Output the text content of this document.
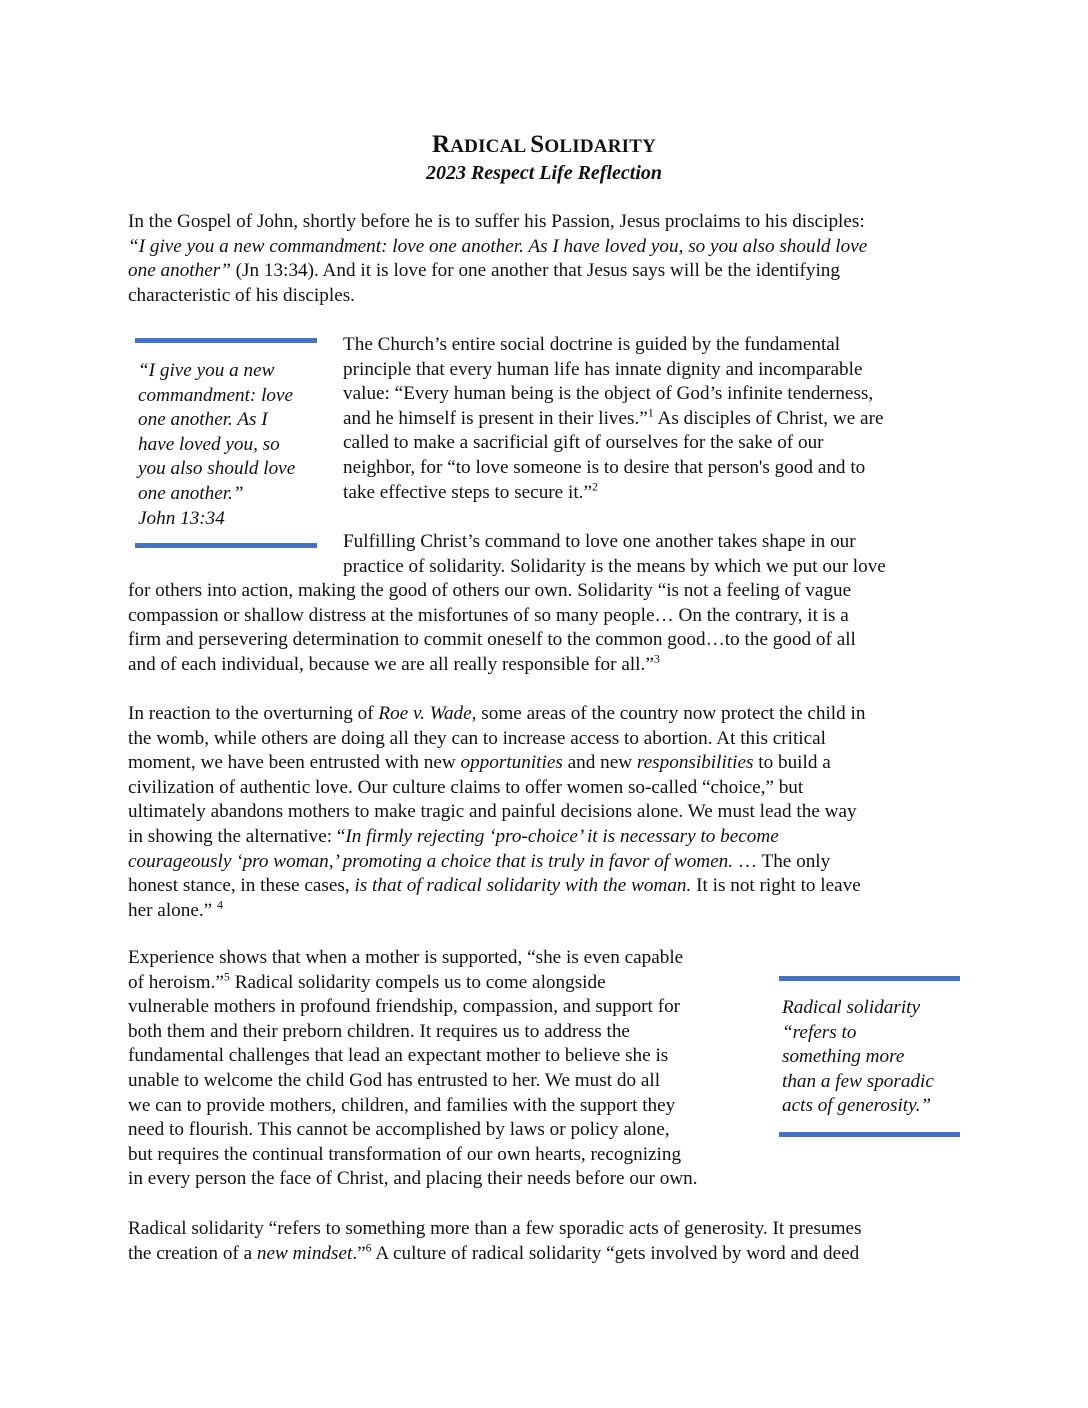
RADICAL SOLIDARITY
2023 Respect Life Reflection
In the Gospel of John, shortly before he is to suffer his Passion, Jesus proclaims to his disciples:
“I give you a new commandment: love one another. As I have loved you, so you also should love
one another” (Jn 13:34). And it is love for one another that Jesus says will be the identifying
characteristic of his disciples.
“I give you a new
commandment: love
one another. As I
have loved you, so
you also should love
one another.”
John 13:34
The Church’s entire social doctrine is guided by the fundamental
principle that every human life has innate dignity and incomparable
value: “Every human being is the object of God’s infinite tenderness,
and he himself is present in their lives.”$^1$ As disciples of Christ, we are
called to make a sacrificial gift of ourselves for the sake of our
neighbor, for “to love someone is to desire that person's good and to
take effective steps to secure it.”$^2$
Fulfilling Christ’s command to love one another takes shape in our
practice of solidarity. Solidarity is the means by which we put our love
for others into action, making the good of others our own. Solidarity “is not a feeling of vague
compassion or shallow distress at the misfortunes of so many people… On the contrary, it is a
firm and persevering determination to commit oneself to the common good…to the good of all
and of each individual, because we are all really responsible for all.”$^3$
In reaction to the overturning of Roe v. Wade, some areas of the country now protect the child in
the womb, while others are doing all they can to increase access to abortion. At this critical
moment, we have been entrusted with new opportunities and new responsibilities to build a
civilization of authentic love. Our culture claims to offer women so-called “choice,” but
ultimately abandons mothers to make tragic and painful decisions alone. We must lead the way
in showing the alternative: “In firmly rejecting ‘pro-choice’ it is necessary to become
courageously ‘pro woman,’ promoting a choice that is truly in favor of women. … The only
honest stance, in these cases, is that of radical solidarity with the woman. It is not right to leave
her alone.” $^4$
Experience shows that when a mother is supported, “she is even capable
of heroism.”$^5$ Radical solidarity compels us to come alongside
vulnerable mothers in profound friendship, compassion, and support for
both them and their preborn children. It requires us to address the
fundamental challenges that lead an expectant mother to believe she is
unable to welcome the child God has entrusted to her. We must do all
we can to provide mothers, children, and families with the support they
need to flourish. This cannot be accomplished by laws or policy alone,
but requires the continual transformation of our own hearts, recognizing
in every person the face of Christ, and placing their needs before our own.
Radical solidarity
“refers to
something more
than a few sporadic
acts of generosity.”
Radical solidarity “refers to something more than a few sporadic acts of generosity. It presumes
the creation of a new mindset.”$^6$ A culture of radical solidarity “gets involved by word and deed
